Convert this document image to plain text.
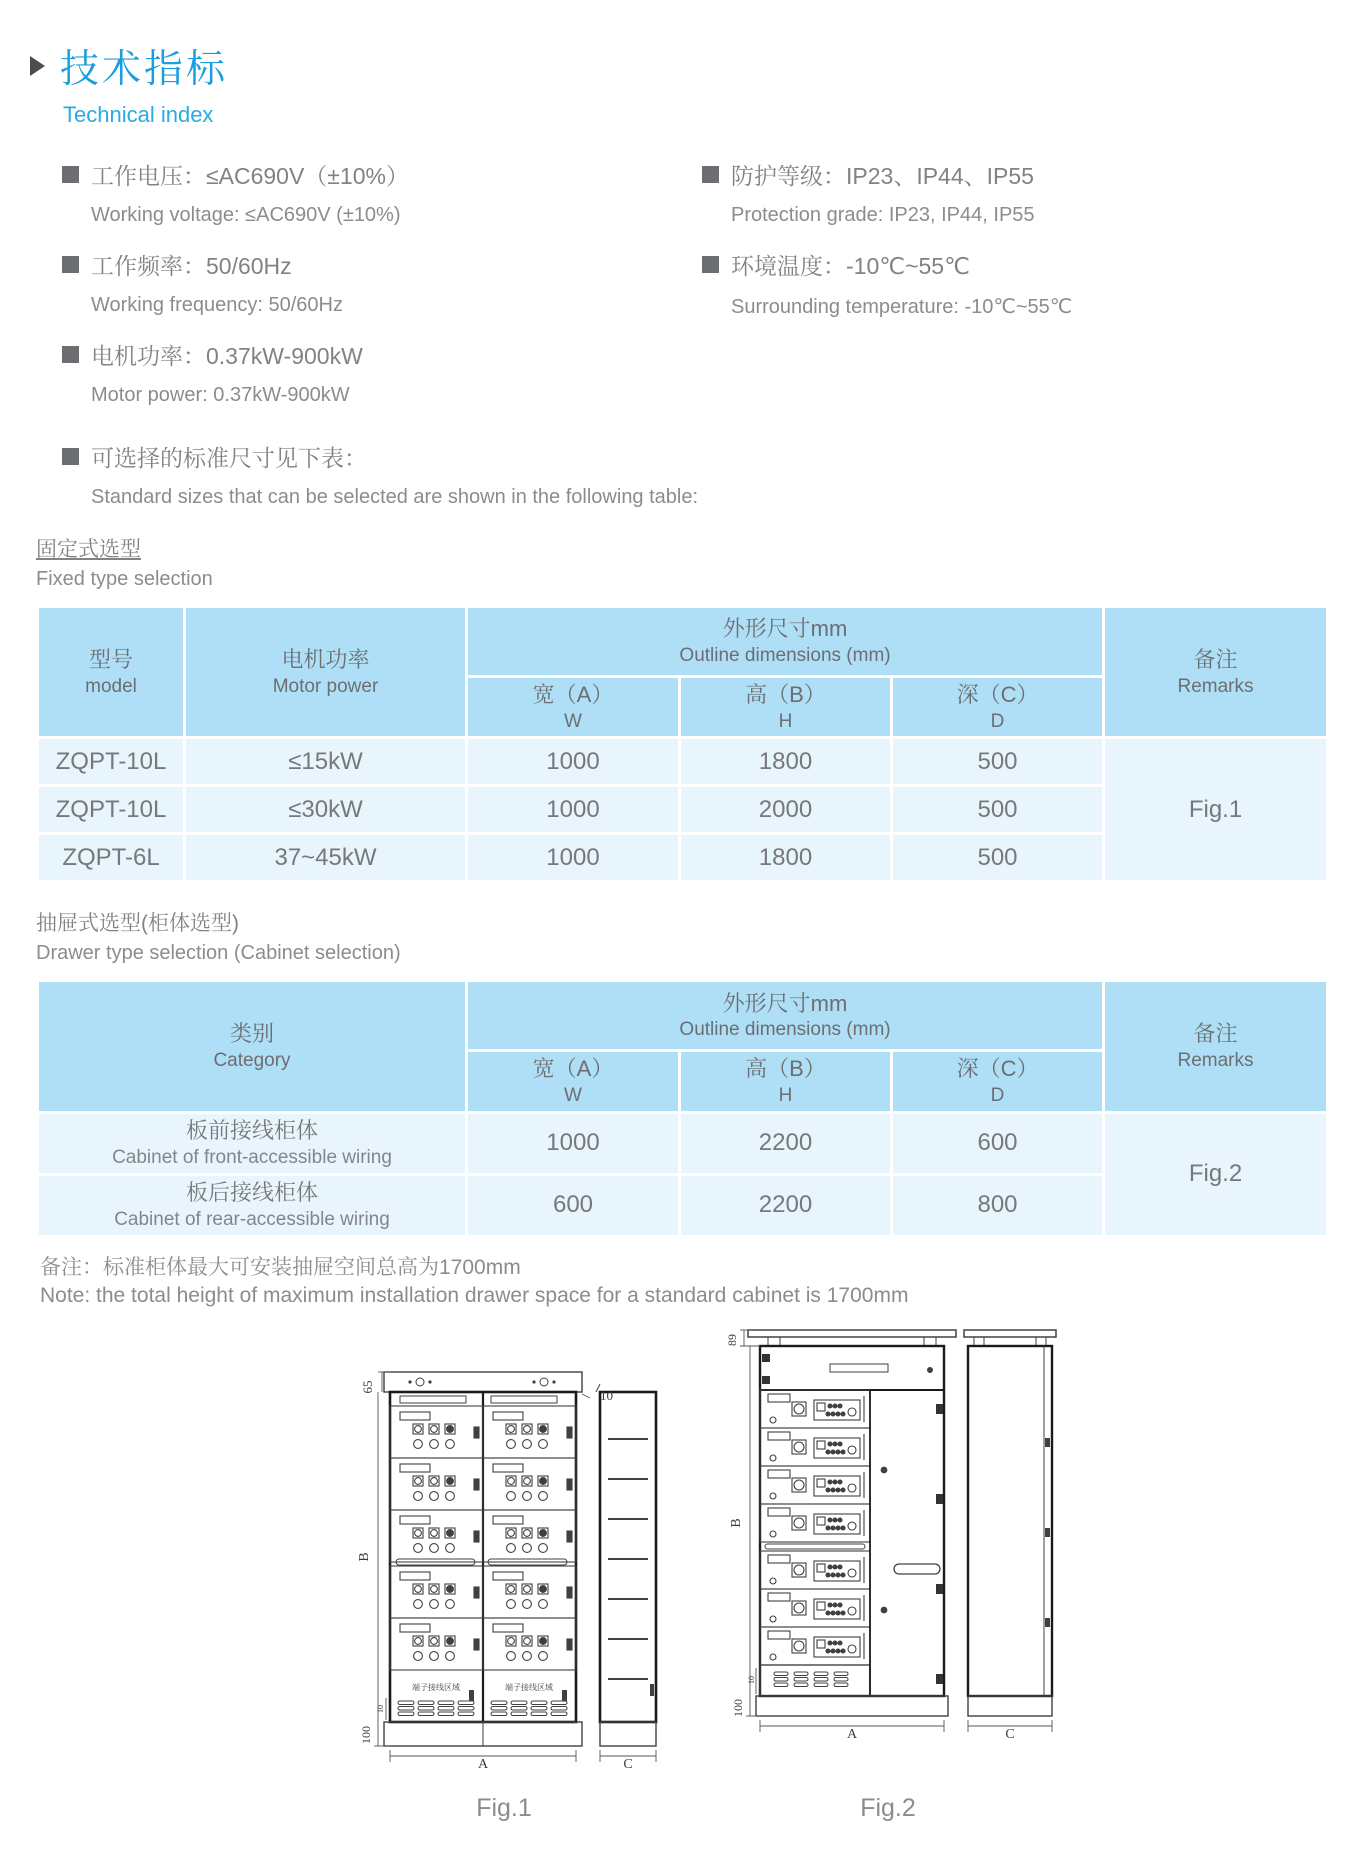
技术指标
Technical index
工作电压：≤AC690V（±10%）
Working voltage: ≤AC690V (±10%)
工作频率：50/60Hz
Working frequency: 50/60Hz
电机功率：0.37kW-900kW
Motor power: 0.37kW-900kW
防护等级：IP23、IP44、IP55
Protection grade: IP23, IP44, IP55
环境温度：-10℃~55℃
Surrounding temperature: -10℃~55℃
可选择的标准尺寸见下表：
Standard sizes that can be selected are shown in the following table:
固定式选型
Fixed type selection
型号
model	电机功率
Motor power	外形尺寸mm
Outline dimensions (mm)			备注
Remarks

		宽（A）
W	高（B）
H	深（C）
D	

ZQPT-10L	≤15kW	1000	1800	500	Fig.1
ZQPT-10L	≤30kW	1000	2000	500	
ZQPT-6L	37~45kW	1000	1800	500	
抽屉式选型(柜体选型)
Drawer type selection (Cabinet selection)
类别
Category	外形尺寸mm
Outline dimensions (mm)			备注
Remarks

	宽（A）
W	高（B）
H	深（C）
D	

板前接线柜体
Cabinet of front-accessible wiring	1000	2200	600	Fig.2

板后接线柜体
Cabinet of rear-accessible wiring	600	2200	800	
备注：标准柜体最大可安装抽屉空间总高为1700mm
Note: the total height of maximum installation drawer space for a standard cabinet is 1700mm
端子接线区域	端子接线区域
65
10
B
10
100
A	C
Fig.1
89
B
10
100
A	C
Fig.2
